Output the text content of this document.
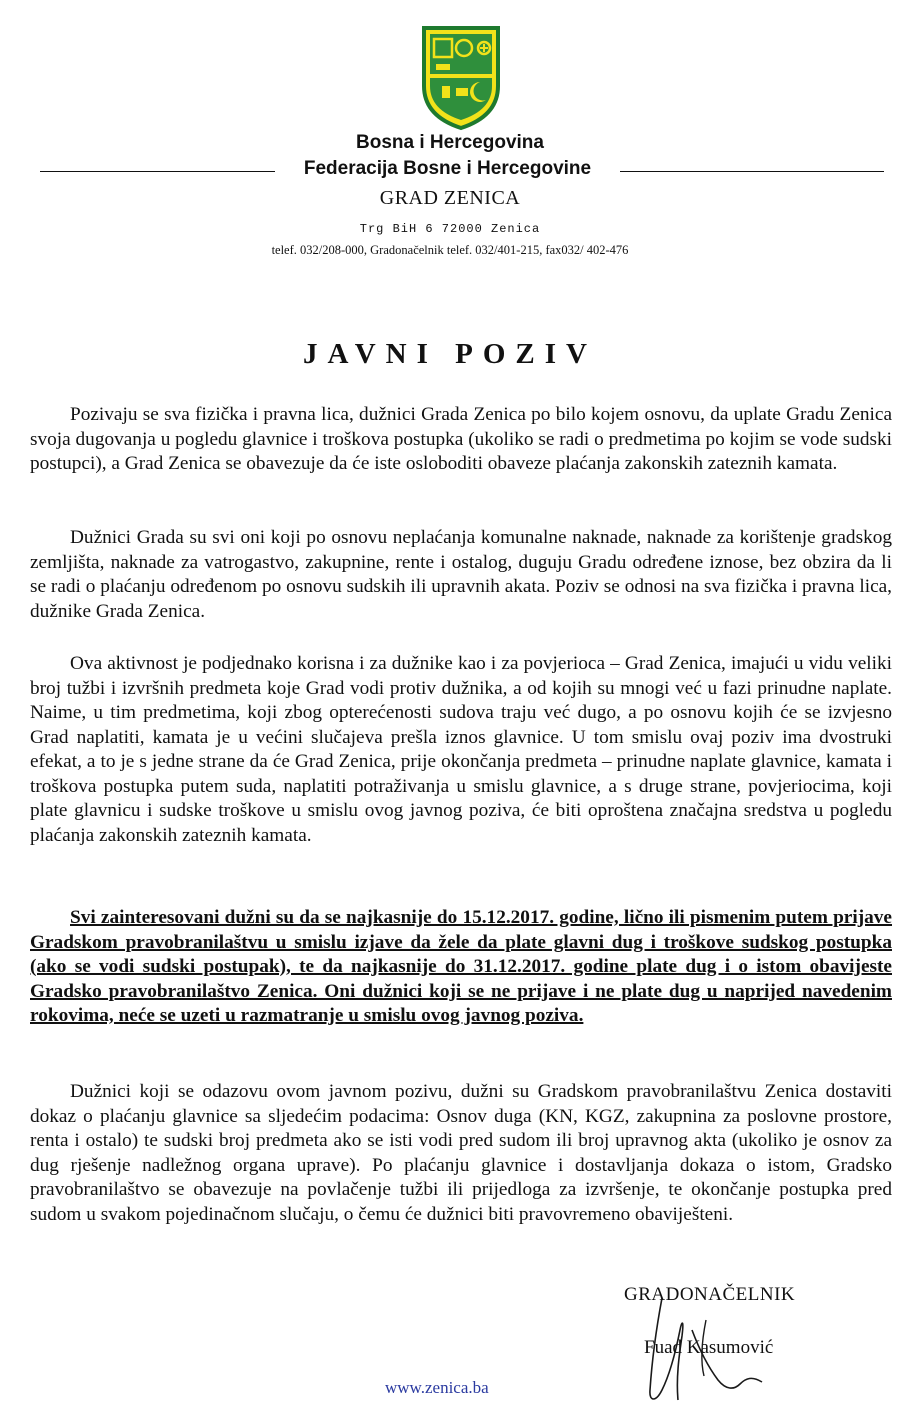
Bosna i Hercegovina
Federacija Bosne i Hercegovine
GRAD ZENICA
Trg BiH 6 72000 Zenica
telef. 032/208-000, Gradonačelnik telef. 032/401-215, fax032/ 402-476
JAVNI POZIV

Pozivaju se sva fizička i pravna lica, dužnici Grada Zenica po bilo kojem osnovu, da uplate Gradu Zenica svoja dugovanja u pogledu glavnice i troškova postupka (ukoliko se radi o predmetima po kojim se vode sudski postupci), a Grad Zenica se obavezuje da će iste osloboditi obaveze plaćanja zakonskih zateznih kamata.

Dužnici Grada su svi oni koji po osnovu neplaćanja komunalne naknade, naknade za korištenje gradskog zemljišta, naknade za vatrogastvo, zakupnine, rente i ostalog, duguju Gradu određene iznose, bez obzira da li se radi o plaćanju određenom po osnovu sudskih ili upravnih akata. Poziv se odnosi na sva fizička i pravna lica, dužnike Grada Zenica.

Ova aktivnost je podjednako korisna i za dužnike kao i za povjerioca – Grad Zenica, imajući u vidu veliki broj tužbi i izvršnih predmeta koje Grad vodi protiv dužnika, a od kojih su mnogi već u fazi prinudne naplate. Naime, u tim predmetima, koji zbog opterećenosti sudova traju već dugo, a po osnovu kojih će se izvjesno Grad naplatiti, kamata je u većini slučajeva prešla iznos glavnice. U tom smislu ovaj poziv ima dvostruki efekat, a to je s jedne strane da će Grad Zenica, prije okončanja predmeta – prinudne naplate glavnice, kamata i troškova postupka putem suda, naplatiti potraživanja u smislu glavnice, a s druge strane, povjeriocima, koji plate glavnicu i sudske troškove u smislu ovog javnog poziva, će biti oproštena značajna sredstva u pogledu plaćanja zakonskih zateznih kamata.

Svi zainteresovani dužni su da se najkasnije do 15.12.2017. godine, lično ili pismenim putem prijave Gradskom pravobranilaštvu u smislu izjave da žele da plate glavni dug i troškove sudskog postupka (ako se vodi sudski postupak), te da najkasnije do 31.12.2017. godine plate dug i o istom obavijeste Gradsko pravobranilaštvo Zenica. Oni dužnici koji se ne prijave i ne plate dug u naprijed navedenim rokovima, neće se uzeti u razmatranje u smislu ovog javnog poziva.

Dužnici koji se odazovu ovom javnom pozivu, dužni su Gradskom pravobranilaštvu Zenica dostaviti dokaz o plaćanju glavnice sa sljedećim podacima: Osnov duga (KN, KGZ, zakupnina za poslovne prostore, renta i ostalo) te sudski broj predmeta ako se isti vodi pred sudom ili broj upravnog akta (ukoliko je osnov za dug rješenje nadležnog organa uprave). Po plaćanju glavnice i dostavljanja dokaza o istom, Gradsko pravobranilaštvo se obavezuje na povlačenje tužbi ili prijedloga za izvršenje, te okončanje postupka pred sudom u svakom pojedinačnom slučaju, o čemu će dužnici biti pravovremeno obaviješteni.

GRADONAČELNIK
Fuad Kasumović
www.zenica.ba
